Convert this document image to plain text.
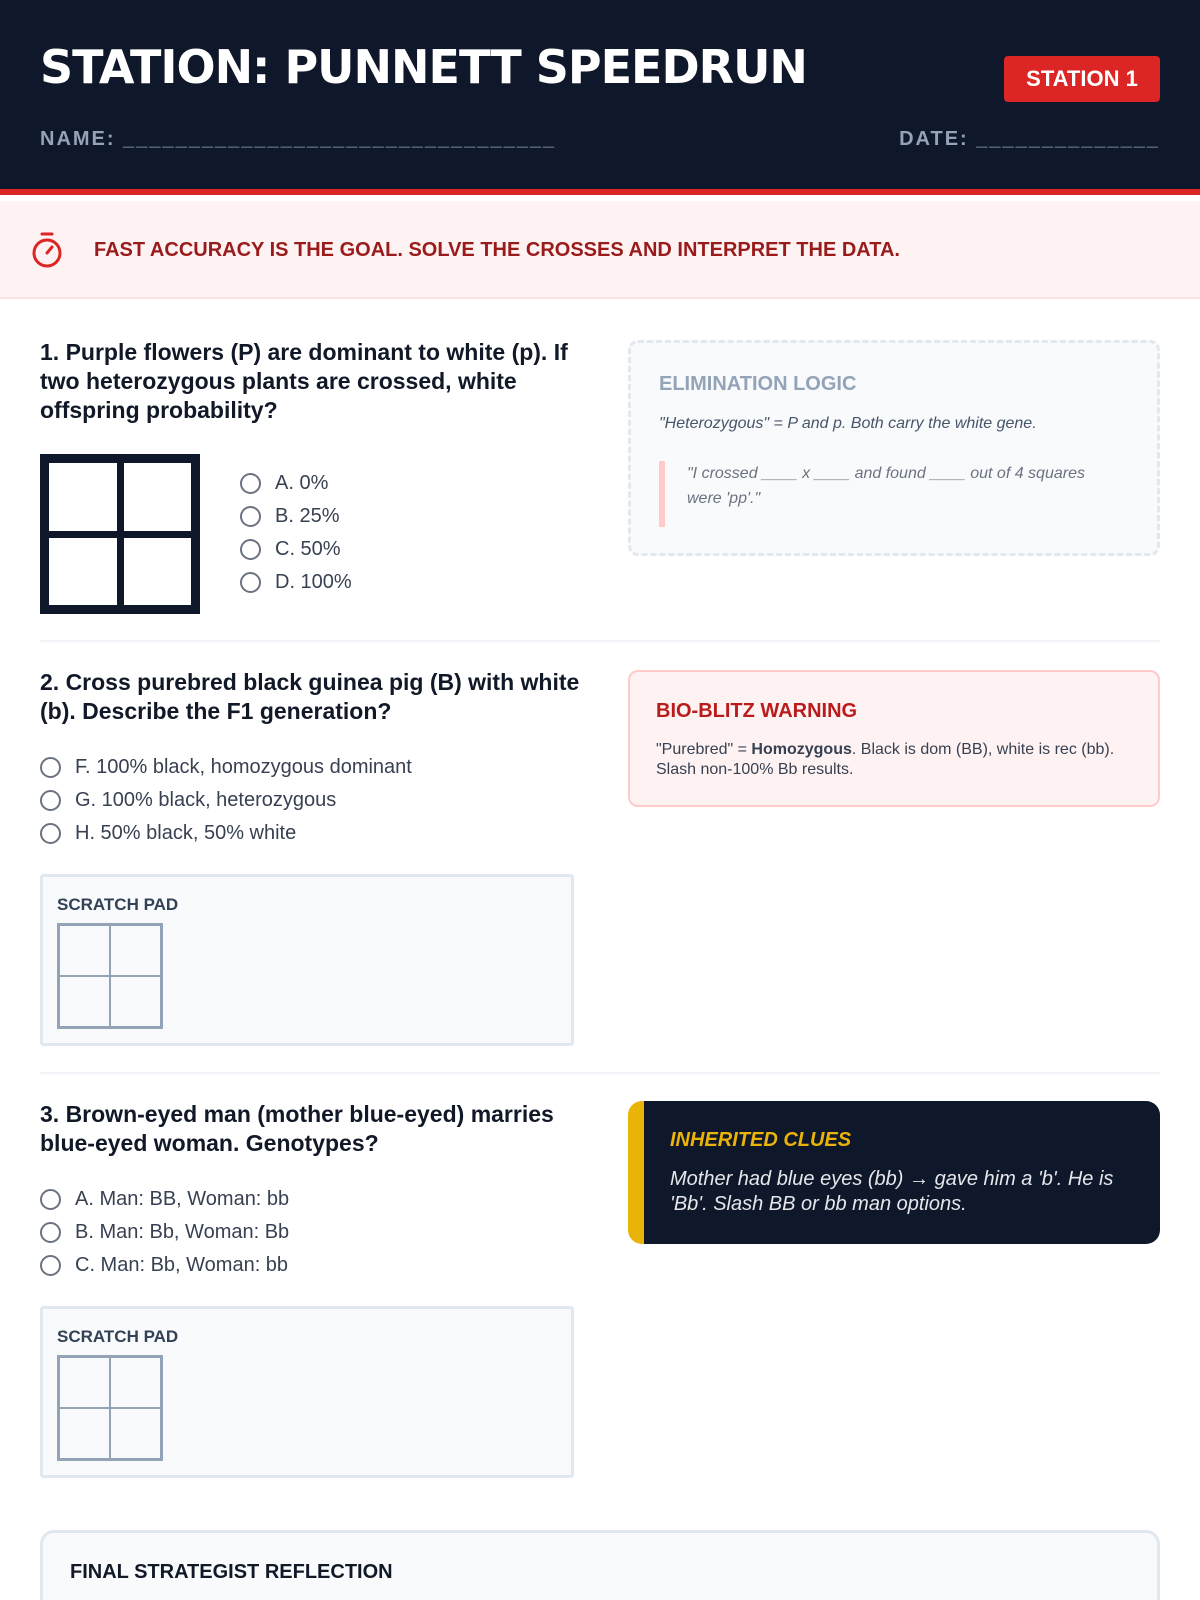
STATION: PUNNETT SPEEDRUN	STATION 1
NAME: _________________________________	DATE: ______________
FAST ACCURACY IS THE GOAL. SOLVE THE CROSSES AND INTERPRET THE DATA.
1. Purple flowers (P) are dominant to white (p). If two heterozygous plants are crossed, white offspring probability?
A. 0%
B. 25%
C. 50%
D. 100%
ELIMINATION LOGIC
"Heterozygous" = P and p. Both carry the white gene.
"I crossed ____ x ____ and found ____ out of 4 squares were 'pp'."
2. Cross purebred black guinea pig (B) with white (b). Describe the F1 generation?
F. 100% black, homozygous dominant
G. 100% black, heterozygous
H. 50% black, 50% white
SCRATCH PAD
BIO-BLITZ WARNING
"Purebred" = Homozygous. Black is dom (BB), white is rec (bb). Slash non-100% Bb results.
3. Brown-eyed man (mother blue-eyed) marries blue-eyed woman. Genotypes?
A. Man: BB, Woman: bb
B. Man: Bb, Woman: Bb
C. Man: Bb, Woman: bb
SCRATCH PAD
INHERITED CLUES
Mother had blue eyes (bb) → gave him a 'b'. He is 'Bb'. Slash BB or bb man options.
FINAL STRATEGIST REFLECTION
